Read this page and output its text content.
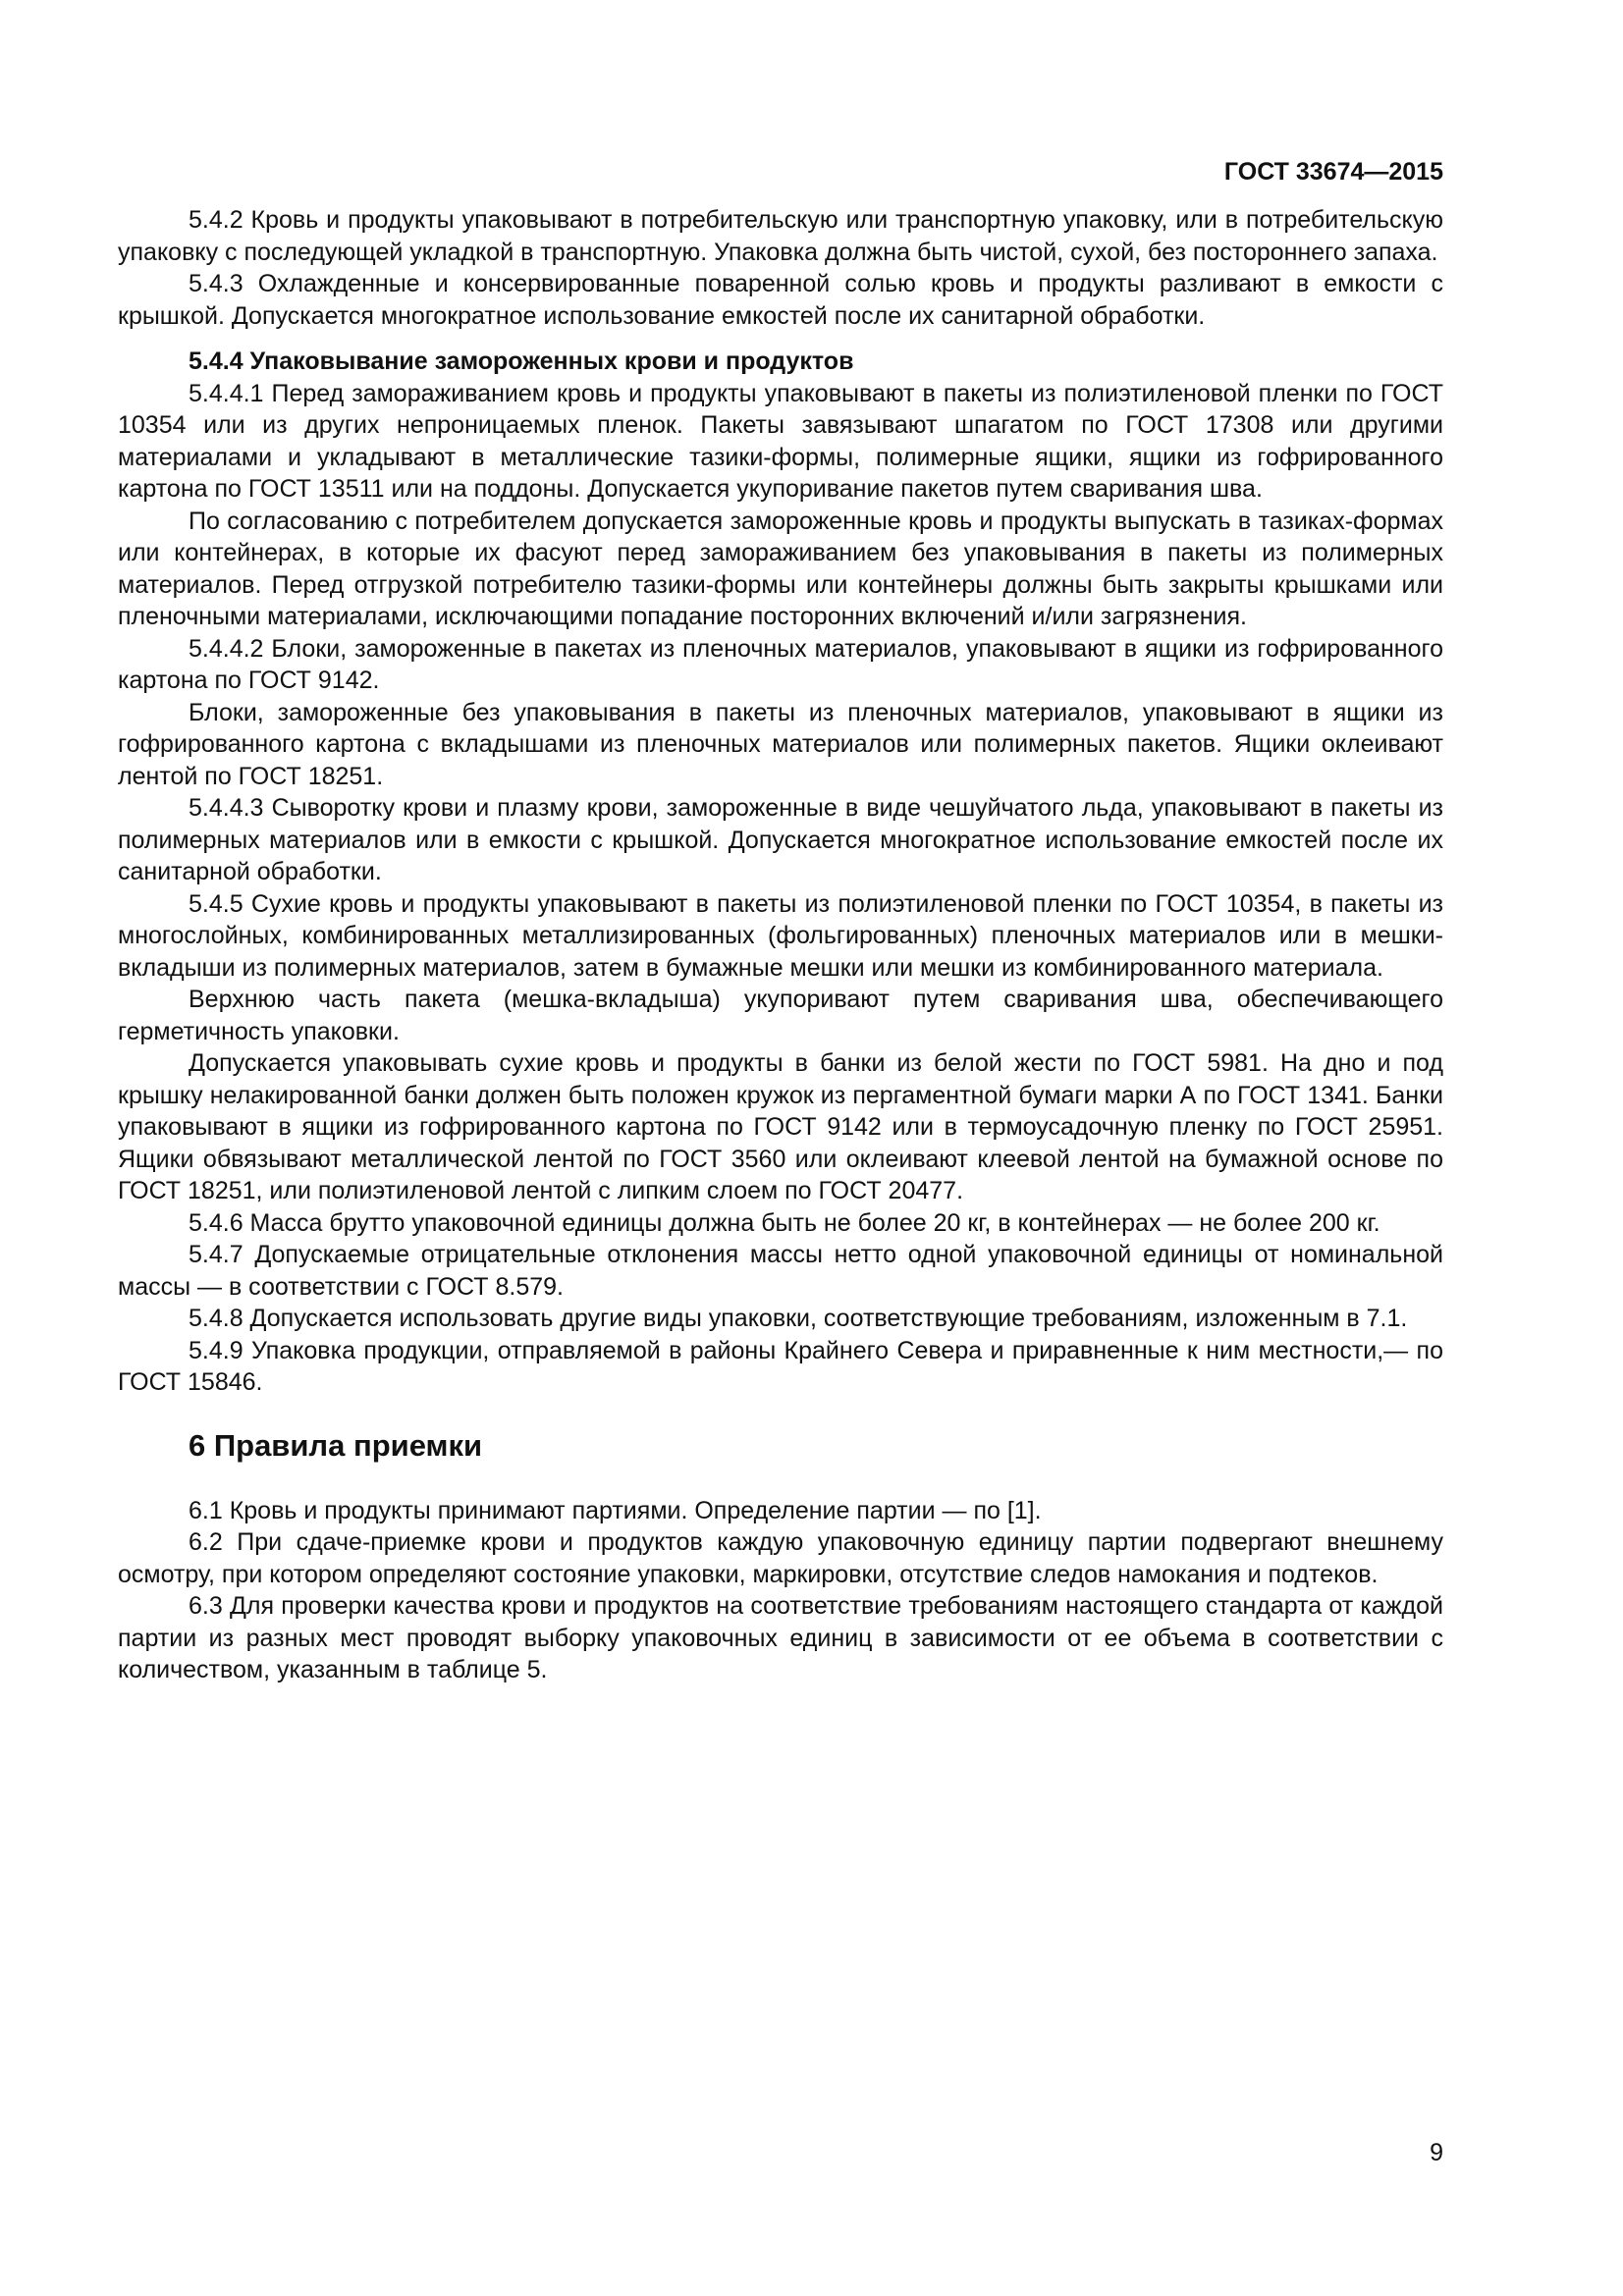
ГОСТ 33674—2015

5.4.2 Кровь и продукты упаковывают в потребительскую или транспортную упаковку, или в потребительскую упаковку с последующей укладкой в транспортную. Упаковка должна быть чистой, сухой, без постороннего запаха.

5.4.3 Охлажденные и консервированные поваренной солью кровь и продукты разливают в емкости с крышкой. Допускается многократное использование емкостей после их санитарной обработки.

5.4.4 Упаковывание замороженных крови и продуктов

5.4.4.1 Перед замораживанием кровь и продукты упаковывают в пакеты из полиэтиленовой пленки по ГОСТ 10354 или из других непроницаемых пленок. Пакеты завязывают шпагатом по ГОСТ 17308 или другими материалами и укладывают в металлические тазики-формы, полимерные ящики, ящики из гофрированного картона по ГОСТ 13511 или на поддоны. Допускается укупоривание пакетов путем сваривания шва.

По согласованию с потребителем допускается замороженные кровь и продукты выпускать в тазиках-формах или контейнерах, в которые их фасуют перед замораживанием без упаковывания в пакеты из полимерных материалов. Перед отгрузкой потребителю тазики-формы или контейнеры должны быть закрыты крышками или пленочными материалами, исключающими попадание посторонних включений и/или загрязнения.

5.4.4.2 Блоки, замороженные в пакетах из пленочных материалов, упаковывают в ящики из гофрированного картона по ГОСТ 9142.

Блоки, замороженные без упаковывания в пакеты из пленочных материалов, упаковывают в ящики из гофрированного картона с вкладышами из пленочных материалов или полимерных пакетов. Ящики оклеивают лентой по ГОСТ 18251.

5.4.4.3 Сыворотку крови и плазму крови, замороженные в виде чешуйчатого льда, упаковывают в пакеты из полимерных материалов или в емкости с крышкой. Допускается многократное использование емкостей после их санитарной обработки.

5.4.5 Сухие кровь и продукты упаковывают в пакеты из полиэтиленовой пленки по ГОСТ 10354, в пакеты из многослойных, комбинированных металлизированных (фольгированных) пленочных материалов или в мешки-вкладыши из полимерных материалов, затем в бумажные мешки или мешки из комбинированного материала.

Верхнюю часть пакета (мешка-вкладыша) укупоривают путем сваривания шва, обеспечивающего герметичность упаковки.

Допускается упаковывать сухие кровь и продукты в банки из белой жести по ГОСТ 5981. На дно и под крышку нелакированной банки должен быть положен кружок из пергаментной бумаги марки А по ГОСТ 1341. Банки упаковывают в ящики из гофрированного картона по ГОСТ 9142 или в термоусадочную пленку по ГОСТ 25951. Ящики обвязывают металлической лентой по ГОСТ 3560 или оклеивают клеевой лентой на бумажной основе по ГОСТ 18251, или полиэтиленовой лентой с липким слоем по ГОСТ 20477.

5.4.6 Масса брутто упаковочной единицы должна быть не более 20 кг, в контейнерах — не более 200 кг.

5.4.7 Допускаемые отрицательные отклонения массы нетто одной упаковочной единицы от номинальной массы — в соответствии с ГОСТ 8.579.

5.4.8 Допускается использовать другие виды упаковки, соответствующие требованиям, изложенным в 7.1.

5.4.9 Упаковка продукции, отправляемой в районы Крайнего Севера и приравненные к ним местности,— по ГОСТ 15846.

6 Правила приемки

6.1 Кровь и продукты принимают партиями. Определение партии — по [1].

6.2 При сдаче-приемке крови и продуктов каждую упаковочную единицу партии подвергают внешнему осмотру, при котором определяют состояние упаковки, маркировки, отсутствие следов намокания и подтеков.

6.3 Для проверки качества крови и продуктов на соответствие требованиям настоящего стандарта от каждой партии из разных мест проводят выборку упаковочных единиц в зависимости от ее объема в соответствии с количеством, указанным в таблице 5.

9
